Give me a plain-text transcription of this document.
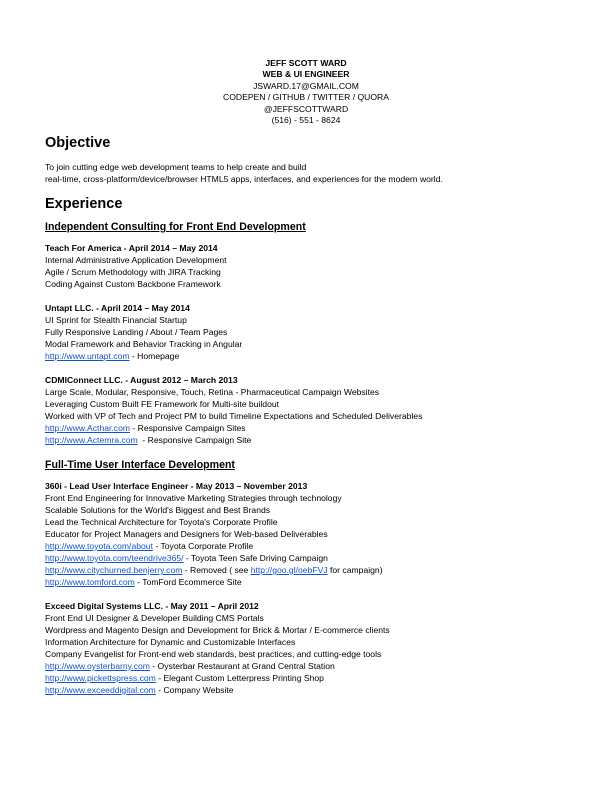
JEFF SCOTT WARD
WEB & UI ENGINEER
JSWARD.17@GMAIL.COM
CODEPEN / GITHUB / TWITTER / QUORA
@JEFFSCOTTWARD
(516) - 551 - 8624
Objective
To join cutting edge web development teams to help create and build
real-time, cross-platform/device/browser HTML5 apps, interfaces, and experiences for the modern world.
Experience
Independent Consulting for Front End Development
Teach For America - April 2014 – May 2014
Internal Administrative Application Development
Agile / Scrum Methodology with JIRA Tracking
Coding Against Custom Backbone Framework
Untapt LLC. - April 2014 – May 2014
UI Sprint for Stealth Financial Startup
Fully Responsive Landing / About / Team Pages
Modal Framework and Behavior Tracking in Angular
http://www.untapt.com - Homepage
CDMIConnect LLC. - August 2012 – March 2013
Large Scale, Modular, Responsive, Touch, Retina - Pharmaceutical Campaign Websites
Leveraging Custom Built FE Framework for Multi-site buildout
Worked with VP of Tech and Project PM to build Timeline Expectations and Scheduled Deliverables
http://www.Acthar.com - Responsive Campaign Sites
http://www.Actemra.com  - Responsive Campaign Site
Full-Time User Interface Development
360i - Lead User Interface Engineer - May 2013 – November 2013
Front End Engineering for Innovative Marketing Strategies through technology
Scalable Solutions for the World's Biggest and Best Brands
Lead the Technical Architecture for Toyota's Corporate Profile
Educator for Project Managers and Designers for Web-based Deliverables
http://www.toyota.com/about - Toyota Corporate Profile
http://www.toyota.com/teendrive365/ - Toyota Teen Safe Driving Campaign
http://www.citychurned.benjerry.com - Removed ( see http://goo.gl/oebFVJ for campaign)
http://www.tomford.com - TomFord Ecommerce Site
Exceed Digital Systems LLC. - May 2011 – April 2012
Front End UI Designer & Developer Building CMS Portals
Wordpress and Magento Design and Development for Brick & Mortar / E-commerce clients
Information Architecture for Dynamic and Customizable Interfaces
Company Evangelist for Front-end web standards, best practices, and cutting-edge tools
http://www.oysterbarny.com - Oysterbar Restaurant at Grand Central Station
http://www.pickettspress.com - Elegant Custom Letterpress Printing Shop
http://www.exceeddigital.com - Company Website
